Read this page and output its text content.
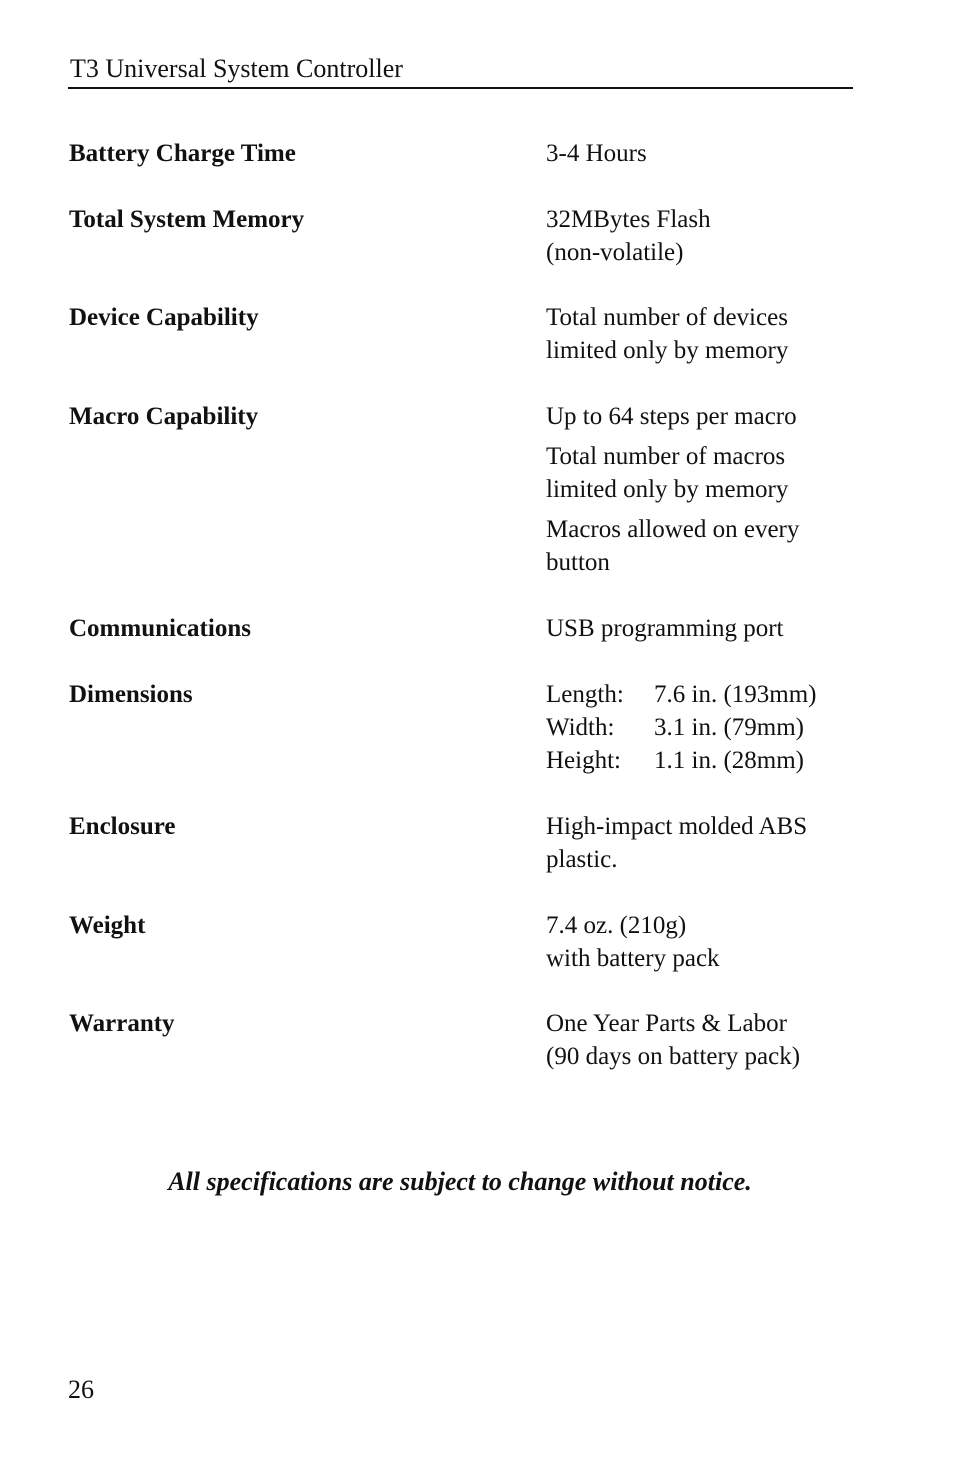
T3 Universal System Controller
Battery Charge Time	3-4 Hours
Total System Memory	32MBytes Flash
(non-volatile)
Device Capability	Total number of devices
limited only by memory
Macro Capability	Up to 64 steps per macro
Total number of macros
limited only by memory
Macros allowed on every
button
Communications	USB programming port
Dimensions	Length: 7.6 in. (193mm)
Width: 3.1 in. (79mm)
Height: 1.1 in. (28mm)
Enclosure	High-impact molded ABS
plastic.
Weight	7.4 oz. (210g)
with battery pack
Warranty	One Year Parts & Labor
(90 days on battery pack)
All specifications are subject to change without notice.
26
